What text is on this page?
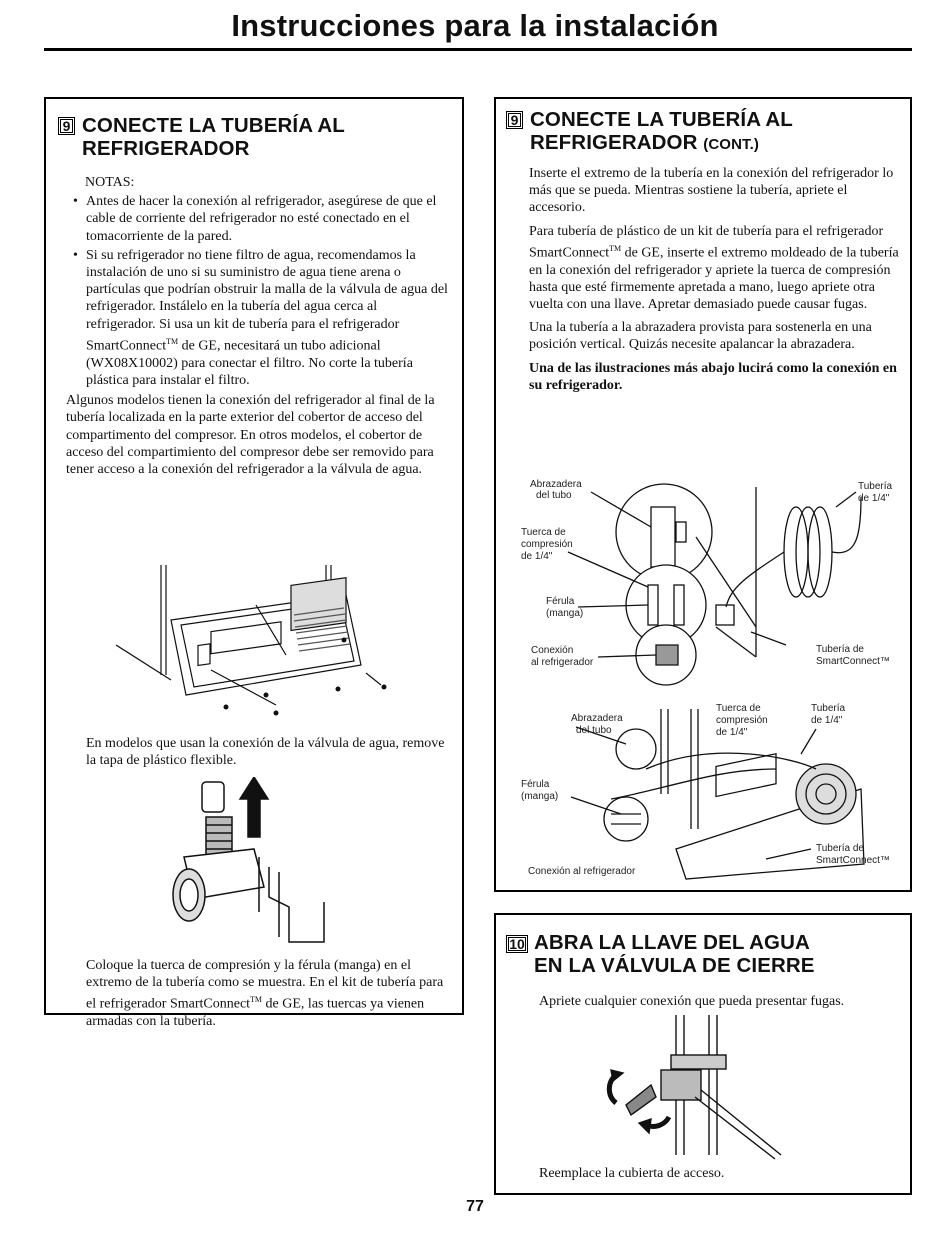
Instrucciones para la instalación
9 CONECTE LA TUBERÍA AL
REFRIGERADOR
NOTAS:
• Antes de hacer la conexión al refrigerador, asegúrese de que el cable de corriente del refrigerador no esté conectado en el tomacorriente de la pared.
• Si su refrigerador no tiene filtro de agua, recomendamos la instalación de uno si su suministro de agua tiene arena o partículas que podrían obstruir la malla de la válvula de agua del refrigerador. Instálelo en la tubería del agua cerca al refrigerador. Si usa un kit de tubería para el refrigerador SmartConnect™ de GE, necesitará un tubo adicional (WX08X10002) para conectar el filtro. No corte la tubería plástica para instalar el filtro.

Algunos modelos tienen la conexión del refrigerador al final de la tubería localizada en la parte exterior del cobertor de acceso del compartimento del compresor. En otros modelos, el cobertor de acceso del compartimiento del compresor debe ser removido para tener acceso a la conexión del refrigerador a la válvula de agua.

En modelos que usan la conexión de la válvula de agua, remove la tapa de plástico flexible.
Coloque la tuerca de compresión y la férula (manga) en el extremo de la tubería como se muestra. En el kit de tubería para el refrigerador SmartConnect™ de GE, las tuercas ya vienen armadas con la tubería.
9 CONECTE LA TUBERÍA AL
REFRIGERADOR (CONT.)

Inserte el extremo de la tubería en la conexión del refrigerador lo más que se pueda. Mientras sostiene la tubería, apriete el accesorio.

Para tubería de plástico de un kit de tubería para el refrigerador SmartConnect™ de GE, inserte el extremo moldeado de la tubería en la conexión del refrigerador y apriete la tuerca de compresión hasta que esté firmemente apretada a mano, luego apriete otra vuelta con una llave. Apretar demasiado puede causar fugas.

Una la tubería a la abrazadera provista para sostenerla en una posición vertical. Quizás necesite apalancar la abrazadera.

Una de las ilustraciones más abajo lucirá como la conexión en su refrigerador.

Abrazadera
del tubo
Tuerca de
compresión
de 1/4"
Férula
(manga)
Conexión
al refrigerador
Tubería
de 1/4"
Tubería de
SmartConnect™
Abrazadera
del tubo
Tuerca de
compresión
de 1/4"
Tubería
de 1/4"
Férula
(manga)
Tubería de
SmartConnect™
Conexión al refrigerador
10 ABRA LA LLAVE DEL AGUA
EN LA VÁLVULA DE CIERRE
Apriete cualquier conexión que pueda presentar fugas.
Reemplace la cubierta de acceso.
77
